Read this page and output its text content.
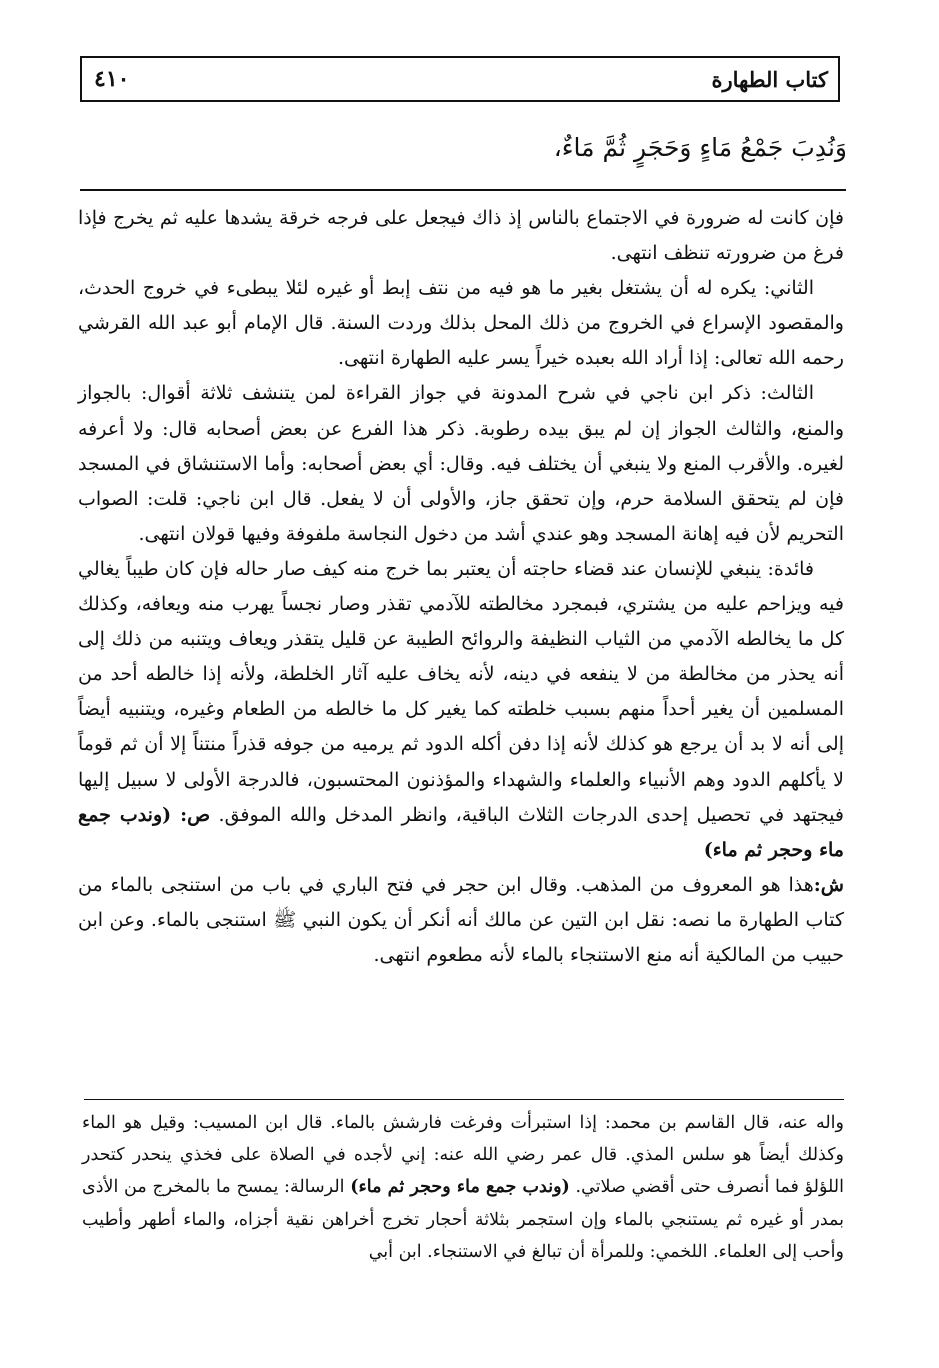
كتاب الطهارة
٤١٠
وَنُدِبَ جَمْعُ مَاءٍ وَحَجَرٍ ثُمَّ مَاءٌ،

فإن كانت له ضرورة في الاجتماع بالناس إذ ذاك فيجعل على فرجه خرقة يشدها عليه ثم يخرج فإذا فرغ من ضرورته تنظف انتهى.

الثاني: يكره له أن يشتغل بغير ما هو فيه من نتف إبط أو غيره لئلا يبطىء في خروج الحدث، والمقصود الإسراع في الخروج من ذلك المحل بذلك وردت السنة. قال الإمام أبو عبد الله القرشي رحمه الله تعالى: إذا أراد الله بعبده خيراً يسر عليه الطهارة انتهى.

الثالث: ذكر ابن ناجي في شرح المدونة في جواز القراءة لمن يتنشف ثلاثة أقوال: بالجواز والمنع، والثالث الجواز إن لم يبق بيده رطوبة. ذكر هذا الفرع عن بعض أصحابه قال: ولا أعرفه لغيره. والأقرب المنع ولا ينبغي أن يختلف فيه. وقال: أي بعض أصحابه: وأما الاستنشاق في المسجد فإن لم يتحقق السلامة حرم، وإن تحقق جاز، والأولى أن لا يفعل. قال ابن ناجي: قلت: الصواب التحريم لأن فيه إهانة المسجد وهو عندي أشد من دخول النجاسة ملفوفة وفيها قولان انتهى.

فائدة: ينبغي للإنسان عند قضاء حاجته أن يعتبر بما خرج منه كيف صار حاله فإن كان طيباً يغالي فيه ويزاحم عليه من يشتري، فبمجرد مخالطته للآدمي تقذر وصار نجساً يهرب منه ويعافه، وكذلك كل ما يخالطه الآدمي من الثياب النظيفة والروائح الطيبة عن قليل يتقذر ويعاف ويتنبه من ذلك إلى أنه يحذر من مخالطة من لا ينفعه في دينه، لأنه يخاف عليه آثار الخلطة، ولأنه إذا خالطه أحد من المسلمين أن يغير أحداً منهم بسبب خلطته كما يغير كل ما خالطه من الطعام وغيره، ويتنبيه أيضاً إلى أنه لا بد أن يرجع هو كذلك لأنه إذا دفن أكله الدود ثم يرميه من جوفه قذراً منتناً إلا أن ثم قوماً لا يأكلهم الدود وهم الأنبياء والعلماء والشهداء والمؤذنون المحتسبون، فالدرجة الأولى لا سبيل إليها فيجتهد في تحصيل إحدى الدرجات الثلاث الباقية، وانظر المدخل والله الموفق. ص: (وندب جمع ماء وحجر ثم ماء)

ش:هذا هو المعروف من المذهب. وقال ابن حجر في فتح الباري في باب من استنجى بالماء من كتاب الطهارة ما نصه: نقل ابن التين عن مالك أنه أنكر أن يكون النبي ﷺ استنجى بالماء. وعن ابن حبيب من المالكية أنه منع الاستنجاء بالماء لأنه مطعوم انتهى.

واله عنه، قال القاسم بن محمد: إذا استبرأت وفرغت فارشش بالماء. قال ابن المسيب: وقيل هو الماء وكذلك أيضاً هو سلس المذي. قال عمر رضي الله عنه: إني لأجده في الصلاة على فخذي ينحدر كتحدر اللؤلؤ فما أنصرف حتى أقضي صلاتي. (وندب جمع ماء وحجر ثم ماء) الرسالة: يمسح ما بالمخرج من الأذى بمدر أو غيره ثم يستنجي بالماء وإن استجمر بثلاثة أحجار تخرج أخراهن نقية أجزاه، والماء أطهر وأطيب وأحب إلى العلماء. اللخمي: وللمرأة أن تبالغ في الاستنجاء. ابن أبي
